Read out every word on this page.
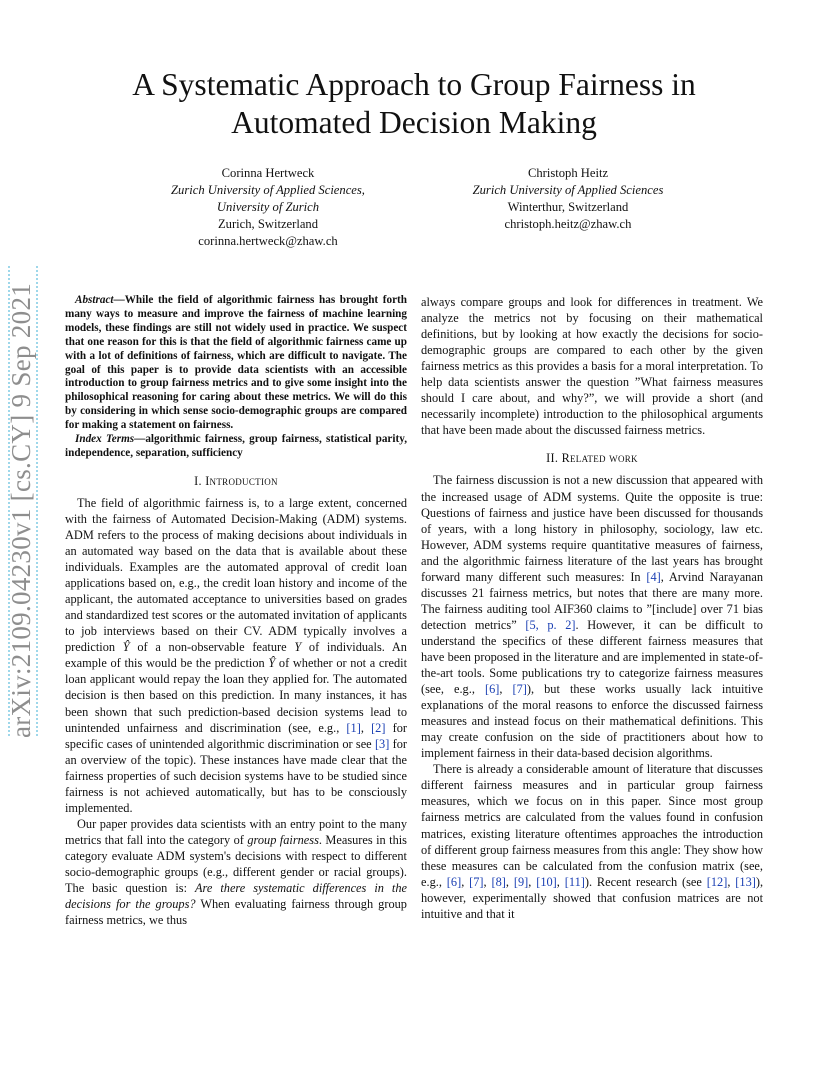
A Systematic Approach to Group Fairness in Automated Decision Making
Corinna Hertweck
Zurich University of Applied Sciences,
University of Zurich
Zurich, Switzerland
corinna.hertweck@zhaw.ch
Christoph Heitz
Zurich University of Applied Sciences
Winterthur, Switzerland
christoph.heitz@zhaw.ch
arXiv:2109.04230v1 [cs.CY] 9 Sep 2021	Abstract—While the field of algorithmic fairness has brought forth many ways to measure and improve the fairness of machine learning models, these findings are still not widely used in practice. We suspect that one reason for this is that the field of algorithmic fairness came up with a lot of definitions of fairness, which are difficult to navigate. The goal of this paper is to provide data scientists with an accessible introduction to group fairness metrics and to give some insight into the philosophical reasoning for caring about these metrics. We will do this by considering in which sense socio-demographic groups are compared for making a statement on fairness.

Index Terms—algorithmic fairness, group fairness, statistical parity, independence, separation, sufficiency

I. Introduction

The field of algorithmic fairness is, to a large extent, concerned with the fairness of Automated Decision-Making (ADM) systems. ADM refers to the process of making decisions about individuals in an automated way based on the data that is available about these individuals. Examples are the automated approval of credit loan applications based on, e.g., the credit loan history and income of the applicant, the automated acceptance to universities based on grades and standardized test scores or the automated invitation of applicants to job interviews based on their CV. ADM typically involves a prediction Ŷ of a non-observable feature Y of individuals. An example of this would be the prediction Ŷ of whether or not a credit loan applicant would repay the loan they applied for. The automated decision is then based on this prediction. In many instances, it has been shown that such prediction-based decision systems lead to unintended unfairness and discrimination (see, e.g., [1], [2] for specific cases of unintended algorithmic discrimination or see [3] for an overview of the topic). These instances have made clear that the fairness properties of such decision systems have to be studied since fairness is not achieved automatically, but has to be consciously implemented.

Our paper provides data scientists with an entry point to the many metrics that fall into the category of group fairness. Measures in this category evaluate ADM system's decisions with respect to different socio-demographic groups (e.g., different gender or racial groups). The basic question is: Are there systematic differences in the decisions for the groups? When evaluating fairness through group fairness metrics, we thus

always compare groups and look for differences in treatment. We analyze the metrics not by focusing on their mathematical definitions, but by looking at how exactly the decisions for socio-demographic groups are compared to each other by the given fairness metrics as this provides a basis for a moral interpretation. To help data scientists answer the question ”What fairness measures should I care about, and why?”, we will provide a short (and necessarily incomplete) introduction to the philosophical arguments that have been made about the discussed fairness metrics.

II. Related work

The fairness discussion is not a new discussion that appeared with the increased usage of ADM systems. Quite the opposite is true: Questions of fairness and justice have been discussed for thousands of years, with a long history in philosophy, sociology, law etc. However, ADM systems require quantitative measures of fairness, and the algorithmic fairness literature of the last years has brought forward many different such measures: In [4], Arvind Narayanan discusses 21 fairness metrics, but notes that there are many more. The fairness auditing tool AIF360 claims to ”[include] over 71 bias detection metrics” [5, p. 2]. However, it can be difficult to understand the specifics of these different fairness measures that have been proposed in the literature and are implemented in state-of-the-art tools. Some publications try to categorize fairness measures (see, e.g., [6], [7]), but these works usually lack intuitive explanations of the moral reasons to enforce the discussed fairness measures and instead focus on their mathematical definitions. This may create confusion on the side of practitioners about how to implement fairness in their data-based decision algorithms.

There is already a considerable amount of literature that discusses different fairness measures and in particular group fairness measures, which we focus on in this paper. Since most group fairness metrics are calculated from the values found in confusion matrices, existing literature oftentimes approaches the introduction of different group fairness measures from this angle: They show how these measures can be calculated from the confusion matrix (see, e.g., [6], [7], [8], [9], [10], [11]). Recent research (see [12], [13]), however, experimentally showed that confusion matrices are not intuitive and that it
